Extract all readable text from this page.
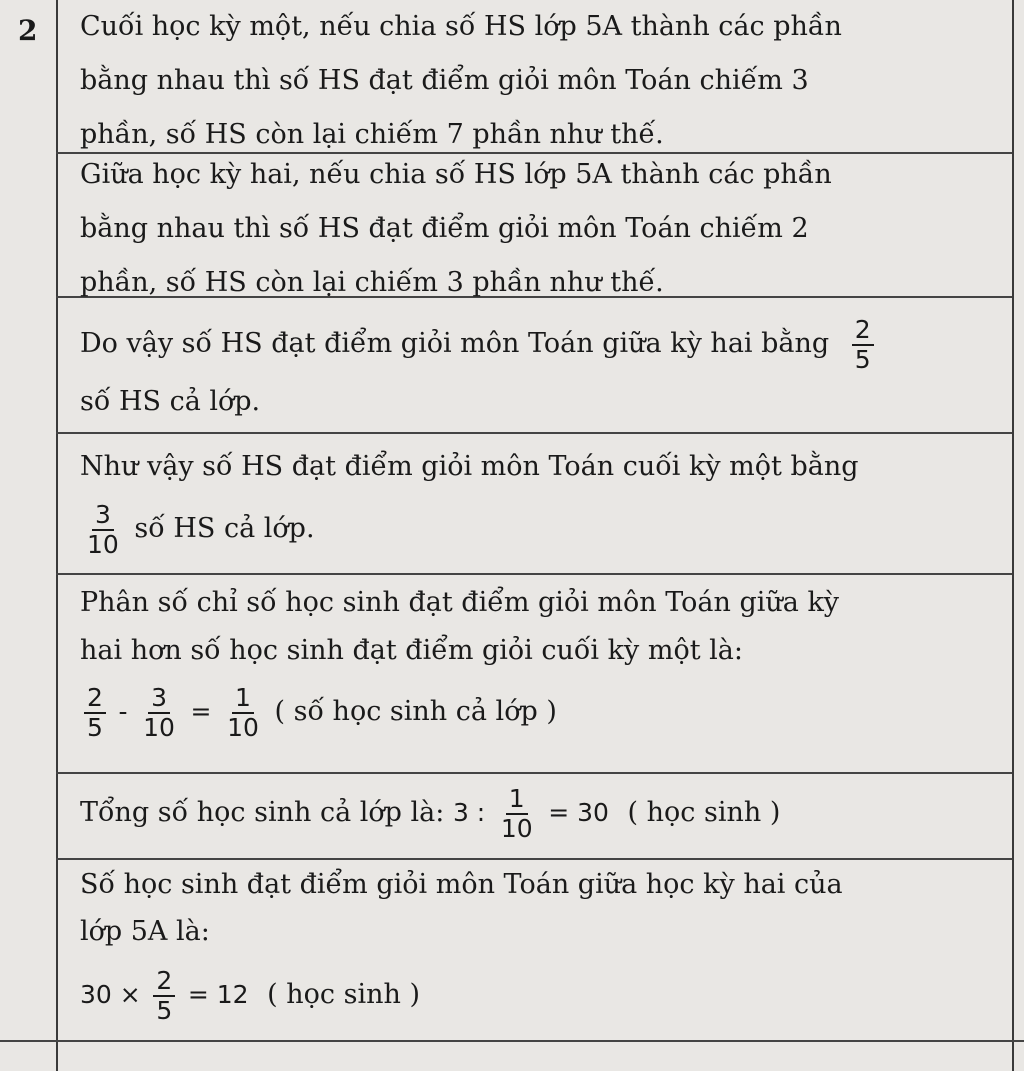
2 Cuối học kỳ một, nếu chia số HS lớp 5A thành các phần

bằng nhau thì số HS đạt điểm giỏi môn Toán chiếm 3

phần, số HS còn lại chiếm 7 phần như thế.

Giữa học kỳ hai, nếu chia số HS lớp 5A thành các phần

bằng nhau thì số HS đạt điểm giỏi môn Toán chiếm 2

phần, số HS còn lại chiếm 3 phần như thế.

Do vậy số HS đạt điểm giỏi môn Toán giữa kỳ hai bằng $\frac{2}{5}$

số HS cả lớp.

Như vậy số HS đạt điểm giỏi môn Toán cuối kỳ một bằng

$\frac{3}{10}$ số HS cả lớp.

Phân số chỉ số học sinh đạt điểm giỏi môn Toán giữa kỳ

hai hơn số học sinh đạt điểm giỏi cuối kỳ một là:

$\frac{2}{5} - \frac{3}{10} = \frac{1}{10}$ ( số học sinh cả lớp )

Tổng số học sinh cả lớp là: 3 : $\frac{1}{10} = 30$ ( học sinh )

Số học sinh đạt điểm giỏi môn Toán giữa học kỳ hai của

lớp 5A là:

$30 \times \frac{2}{5} = 12$ ( học sinh )
